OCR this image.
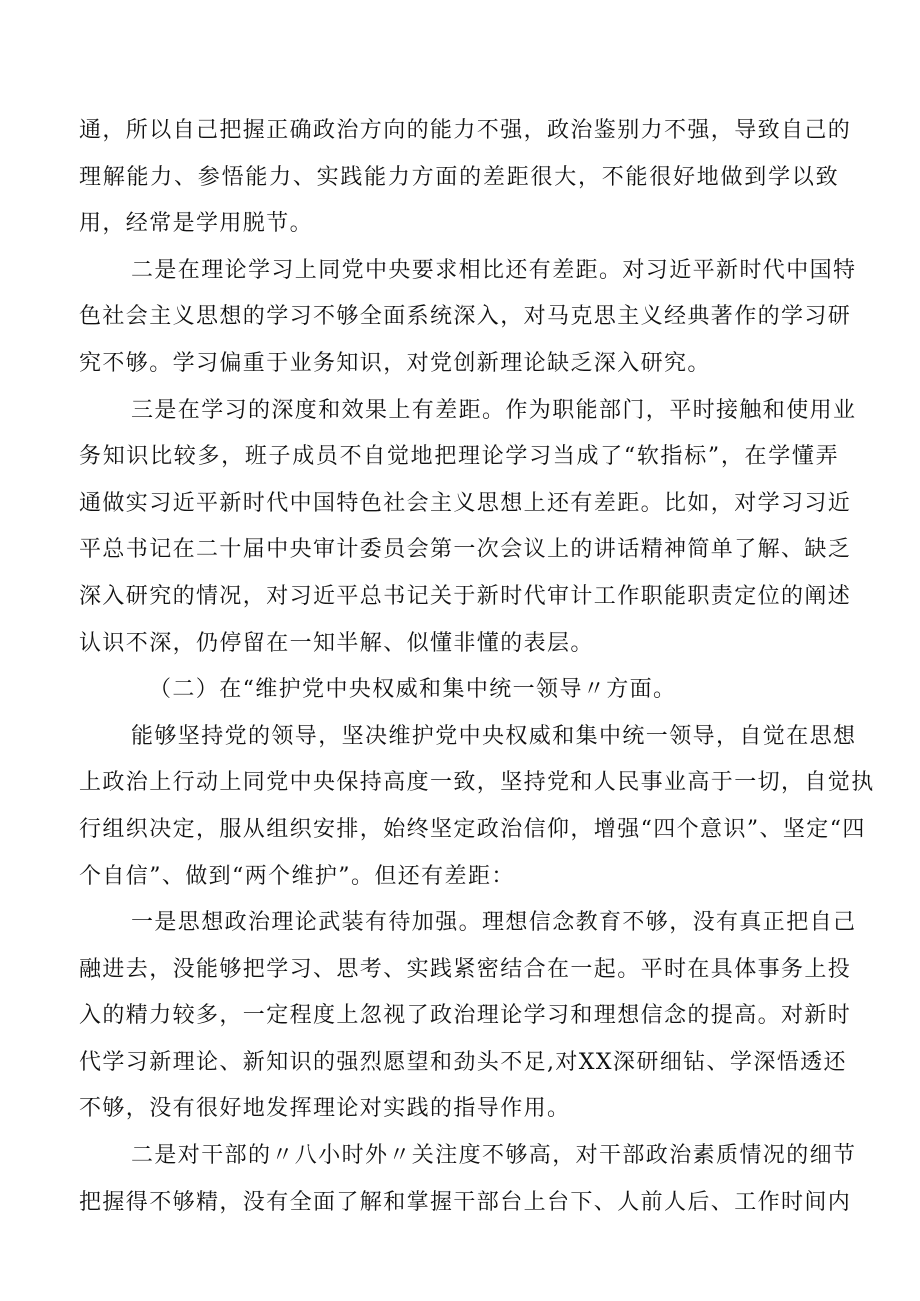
通，所以自己把握正确政治方向的能力不强，政治鉴别力不强，导致自己的
理解能力、参悟能力、实践能力方面的差距很大，不能很好地做到学以致
用，经常是学用脱节。
二是在理论学习上同党中央要求相比还有差距。对习近平新时代中国特
色社会主义思想的学习不够全面系统深入，对马克思主义经典著作的学习研
究不够。学习偏重于业务知识，对党创新理论缺乏深入研究。
三是在学习的深度和效果上有差距。作为职能部门，平时接触和使用业
务知识比较多，班子成员不自觉地把理论学习当成了“软指标”，在学懂弄
通做实习近平新时代中国特色社会主义思想上还有差距。比如，对学习习近
平总书记在二十届中央审计委员会第一次会议上的讲话精神简单了解、缺乏
深入研究的情况，对习近平总书记关于新时代审计工作职能职责定位的阐述
认识不深，仍停留在一知半解、似懂非懂的表层。
（二）在“维护党中央权威和集中统一领导〃方面。
能够坚持党的领导，坚决维护党中央权威和集中统一领导，自觉在思想
上政治上行动上同党中央保持高度一致，坚持党和人民事业高于一切，自觉执
行组织决定，服从组织安排，始终坚定政治信仰，增强“四个意识”、坚定“四
个自信”、做到“两个维护”。但还有差距：
一是思想政治理论武装有待加强。理想信念教育不够，没有真正把自己
融进去，没能够把学习、思考、实践紧密结合在一起。平时在具体事务上投
入的精力较多，一定程度上忽视了政治理论学习和理想信念的提高。对新时
代学习新理论、新知识的强烈愿望和劲头不足,对XX深研细钻、学深悟透还
不够，没有很好地发挥理论对实践的指导作用。
二是对干部的〃八小时外〃关注度不够高，对干部政治素质情况的细节
把握得不够精，没有全面了解和掌握干部台上台下、人前人后、工作时间内
